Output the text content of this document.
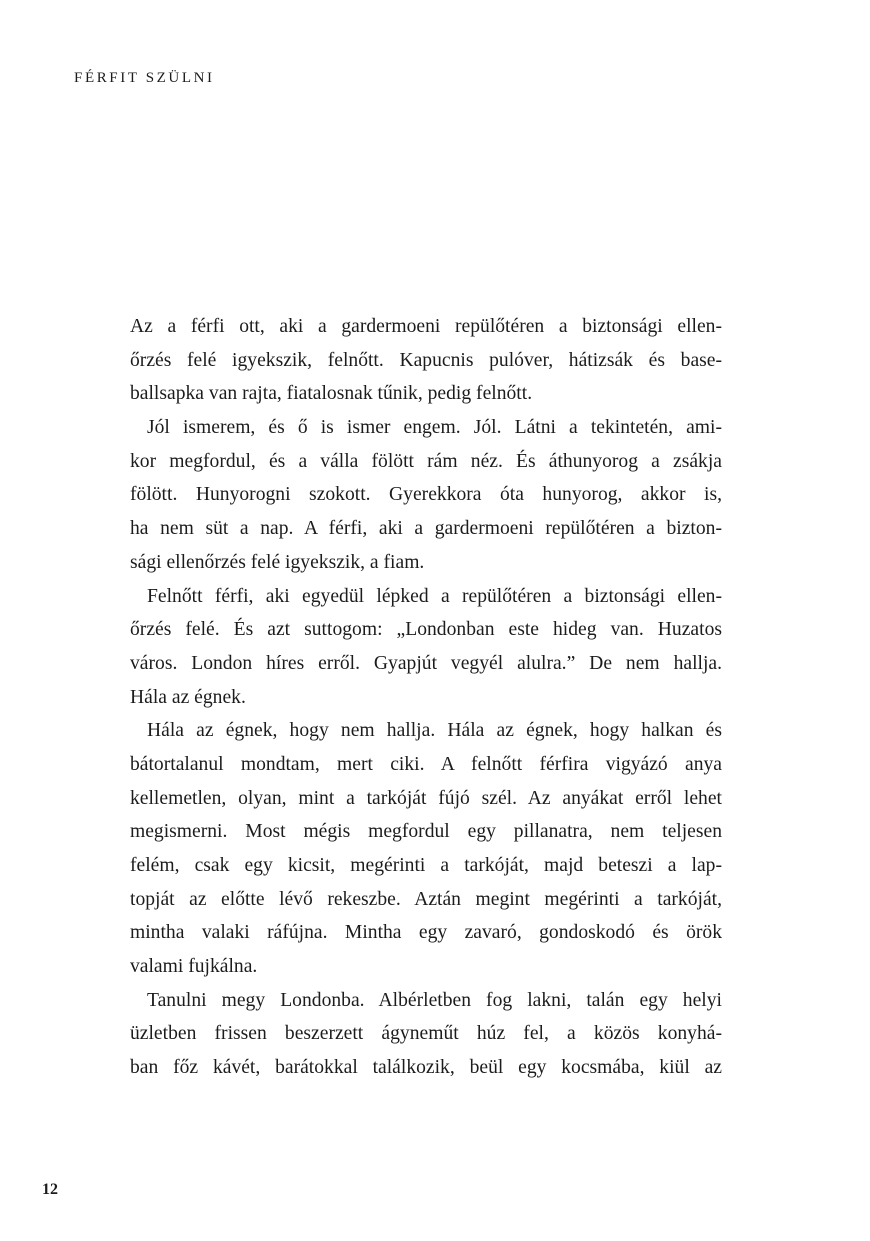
FÉRFIT SZÜLNI
Az a férfi ott, aki a gardermoeni repülőtéren a biztonsági ellen-
őrzés felé igyekszik, felnőtt. Kapucnis pulóver, hátizsák és base-
ballsapka van rajta, fiatalosnak tűnik, pedig felnőtt.
Jól ismerem, és ő is ismer engem. Jól. Látni a tekintetén, ami-
kor megfordul, és a válla fölött rám néz. És áthunyorog a zsákja
fölött. Hunyorogni szokott. Gyerekkora óta hunyorog, akkor is,
ha nem süt a nap. A férfi, aki a gardermoeni repülőtéren a bizton-
sági ellenőrzés felé igyekszik, a fiam.
Felnőtt férfi, aki egyedül lépked a repülőtéren a biztonsági ellen-
őrzés felé. És azt suttogom: „Londonban este hideg van. Huzatos
város. London híres erről. Gyapjút vegyél alulra.” De nem hallja.
Hála az égnek.
Hála az égnek, hogy nem hallja. Hála az égnek, hogy halkan és
bátortalanul mondtam, mert ciki. A felnőtt férfira vigyázó anya
kellemetlen, olyan, mint a tarkóját fújó szél. Az anyákat erről lehet
megismerni. Most mégis megfordul egy pillanatra, nem teljesen
felém, csak egy kicsit, megérinti a tarkóját, majd beteszi a lap-
topját az előtte lévő rekeszbe. Aztán megint megérinti a tarkóját,
mintha valaki ráfújna. Mintha egy zavaró, gondoskodó és örök
valami fujkálna.
Tanulni megy Londonba. Albérletben fog lakni, talán egy helyi
üzletben frissen beszerzett ágyneműt húz fel, a közös konyhá-
ban főz kávét, barátokkal találkozik, beül egy kocsmába, kiül az
12
